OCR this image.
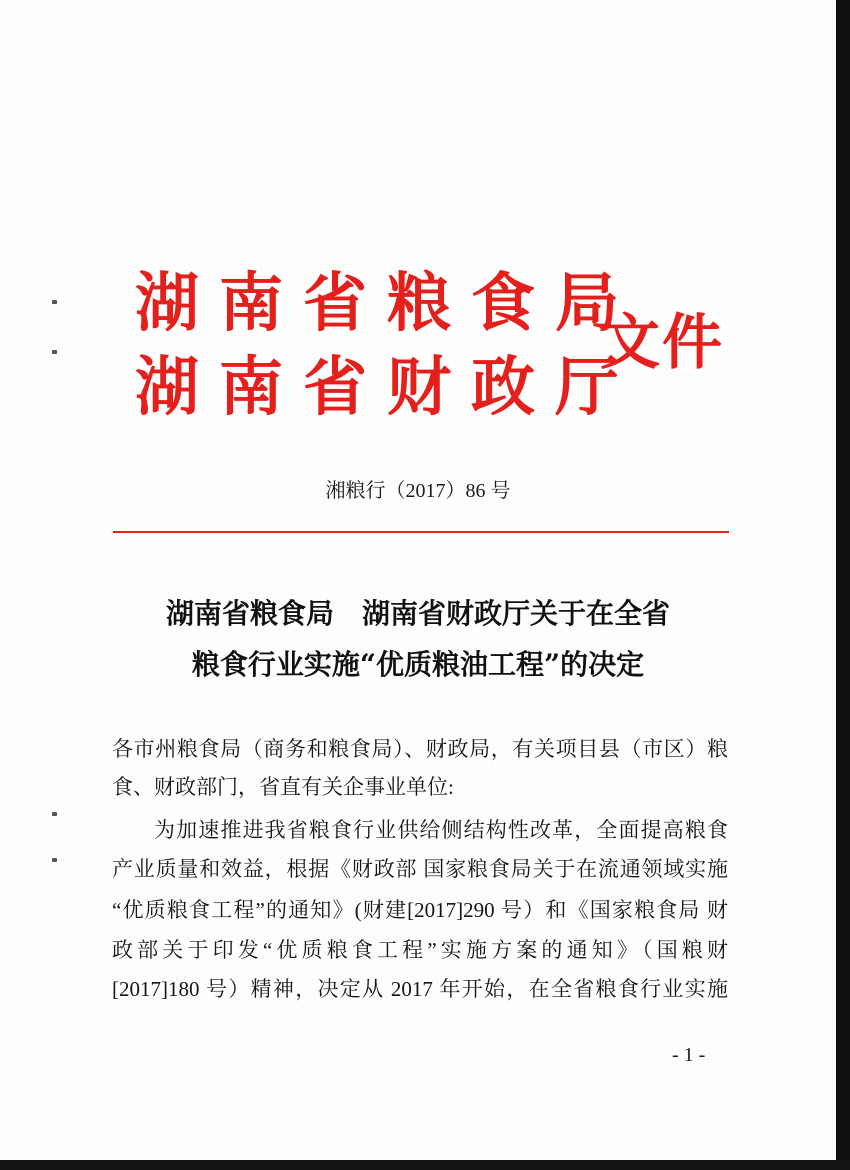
湖南省粮食局
湖南省财政厅
文件
湘粮行（2017）86 号
湖南省粮食局　湖南省财政厅关于在全省
粮食行业实施“优质粮油工程”的决定
各市州粮食局（商务和粮食局）、财政局，有关项目县（市区）粮
食、财政部门，省直有关企事业单位:
为加速推进我省粮食行业供给侧结构性改革，全面提高粮食
产业质量和效益，根据《财政部 国家粮食局关于在流通领域实施
“优质粮食工程”的通知》(财建[2017]290 号）和《国家粮食局 财
政部关于印发“优质粮食工程”实施方案的通知》（国粮财
[2017]180 号）精神，决定从 2017 年开始，在全省粮食行业实施
- 1 -
